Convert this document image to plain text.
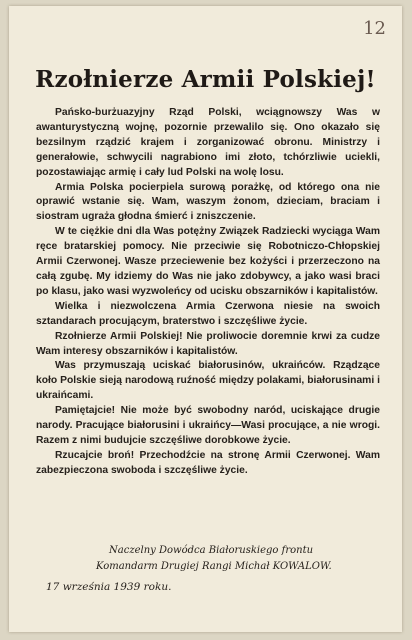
12
Rzołnierze Armii Polskiej!

Pańsko-burżuazyjny Rząd Polski, wciągnowszy Was w awanturystyczną wojnę, pozornie przewalilo się. Ono okazało się bezsilnym rządzić krajem i zorganizować obronu. Ministrzy i generałowie, schwycili nagrabiono imi złoto, tchórzliwie uciekli, pozostawiając armię i cały lud Polski na wolę losu.

Armia Polska pocierpiela surową porażkę, od którego ona nie oprawić wstanie się. Wam, waszym żonom, dzieciam, braciam i siostram ugraża głodna śmierć i zniszczenie.

W te ciężkie dni dla Was potężny Związek Radzieckі wyciąga Wam ręce bratarskiej pomocy. Nie przeciwie się Robotniczo-Chłopskiej Armii Czerwonej. Wasze przeciewenie bez kożyści i przerzeczono na całą zgubę. My idziemy do Was nie jako zdobywcy, a jako wasi braci po klasu, jako wasi wyzwoleńcy od ucisku obszarników i kapitalistów.

Wielka i niezwolczena Armia Czerwona niesie na swoich sztandarach procującym, braterstwo i szczęśliwe życie.

Rzołnierze Armii Polskiej! Nie proliwocie doremnie krwi za cudze Wam interesy obszarników i kapitalistów.

Was przymuszają uciskać białorusinów, ukraińców. Rządzące koło Polskie sieją narodową ruźność między polakami, białorusinami i ukraińcami.

Pamiętajcie! Nie może być swobodny naród, uciskające drugie narody. Pracujące białorusini i ukraińcy—Wasi procujące, a nie wrogi. Razem z nimi budujcie szczęśliwe dorobkowe życie.

Rzucajcie broń! Przechodźcie na stronę Armii Czerwonej. Wam zabezpieczona swoboda i szczęśliwe życie.

Naczelny Dowódca Białoruskiego frontu
Komandarm Drugiej Rangi Michał KOWALOW.
17 września 1939 roku.
